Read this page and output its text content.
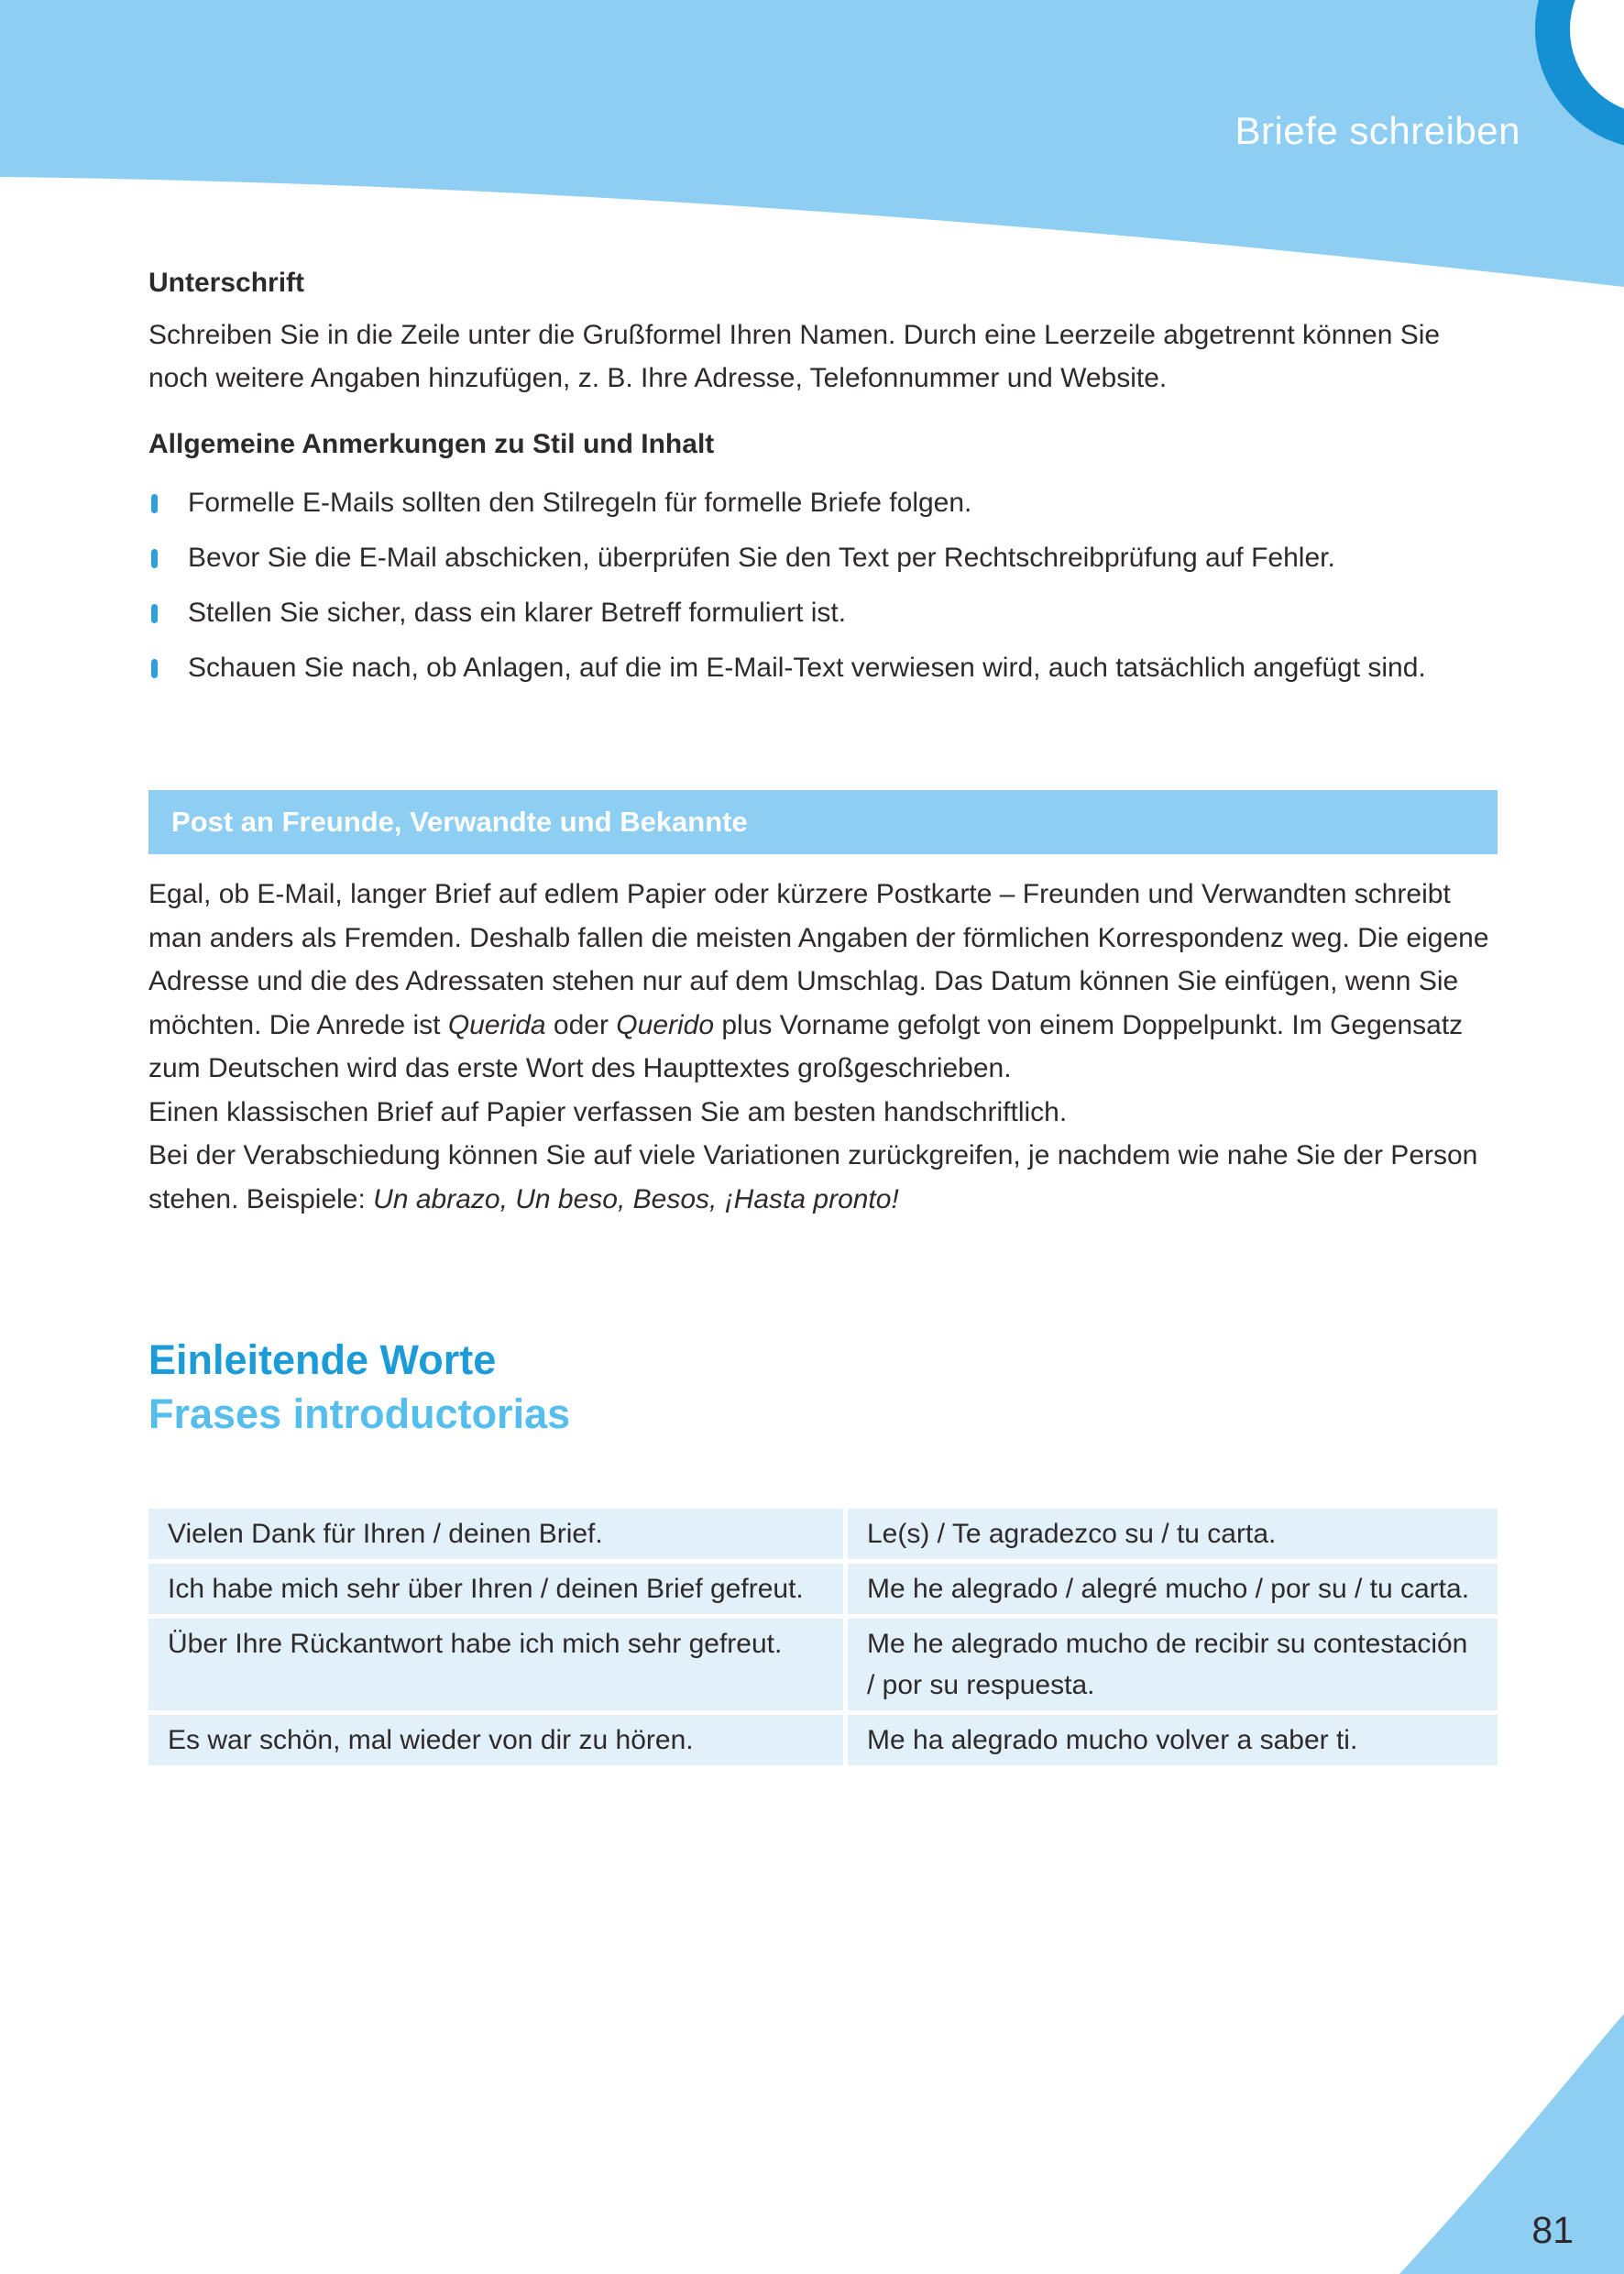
Briefe schreiben
Unterschrift

Schreiben Sie in die Zeile unter die Grußformel Ihren Namen. Durch eine Leerzeile abgetrennt können Sie noch weitere Angaben hinzufügen, z. B. Ihre Adresse, Telefonnummer und Website.

Allgemeine Anmerkungen zu Stil und Inhalt
Formelle E-Mails sollten den Stilregeln für formelle Briefe folgen.
Bevor Sie die E-Mail abschicken, überprüfen Sie den Text per Rechtschreibprüfung auf Fehler.
Stellen Sie sicher, dass ein klarer Betreff formuliert ist.
Schauen Sie nach, ob Anlagen, auf die im E-Mail-Text verwiesen wird, auch tatsächlich angefügt sind.
Post an Freunde, Verwandte und Bekannte

Egal, ob E-Mail, langer Brief auf edlem Papier oder kürzere Postkarte – Freunden und Verwandten schreibt man anders als Fremden. Deshalb fallen die meisten Angaben der förmlichen Korrespondenz weg. Die eigene Adresse und die des Adressaten stehen nur auf dem Umschlag. Das Datum können Sie einfügen, wenn Sie möchten. Die Anrede ist Querida oder Querido plus Vorname gefolgt von einem Doppelpunkt. Im Gegensatz zum Deutschen wird das erste Wort des Haupttextes großgeschrieben.

Einen klassischen Brief auf Papier verfassen Sie am besten handschriftlich.

Bei der Verabschiedung können Sie auf viele Variationen zurückgreifen, je nachdem wie nahe Sie der Person stehen. Beispiele: Un abrazo, Un beso, Besos, ¡Hasta pronto!

Einleitende Worte
Frases introductorias
Vielen Dank für Ihren / deinen Brief.	Le(s) / Te agradezco su / tu carta.
Ich habe mich sehr über Ihren / deinen Brief gefreut.	Me he alegrado / alegré mucho / por su / tu carta.
Über Ihre Rückantwort habe ich mich sehr gefreut.	Me he alegrado mucho de recibir su contestación / por su respuesta.
Es war schön, mal wieder von dir zu hören.	Me ha alegrado mucho volver a saber ti.
81
